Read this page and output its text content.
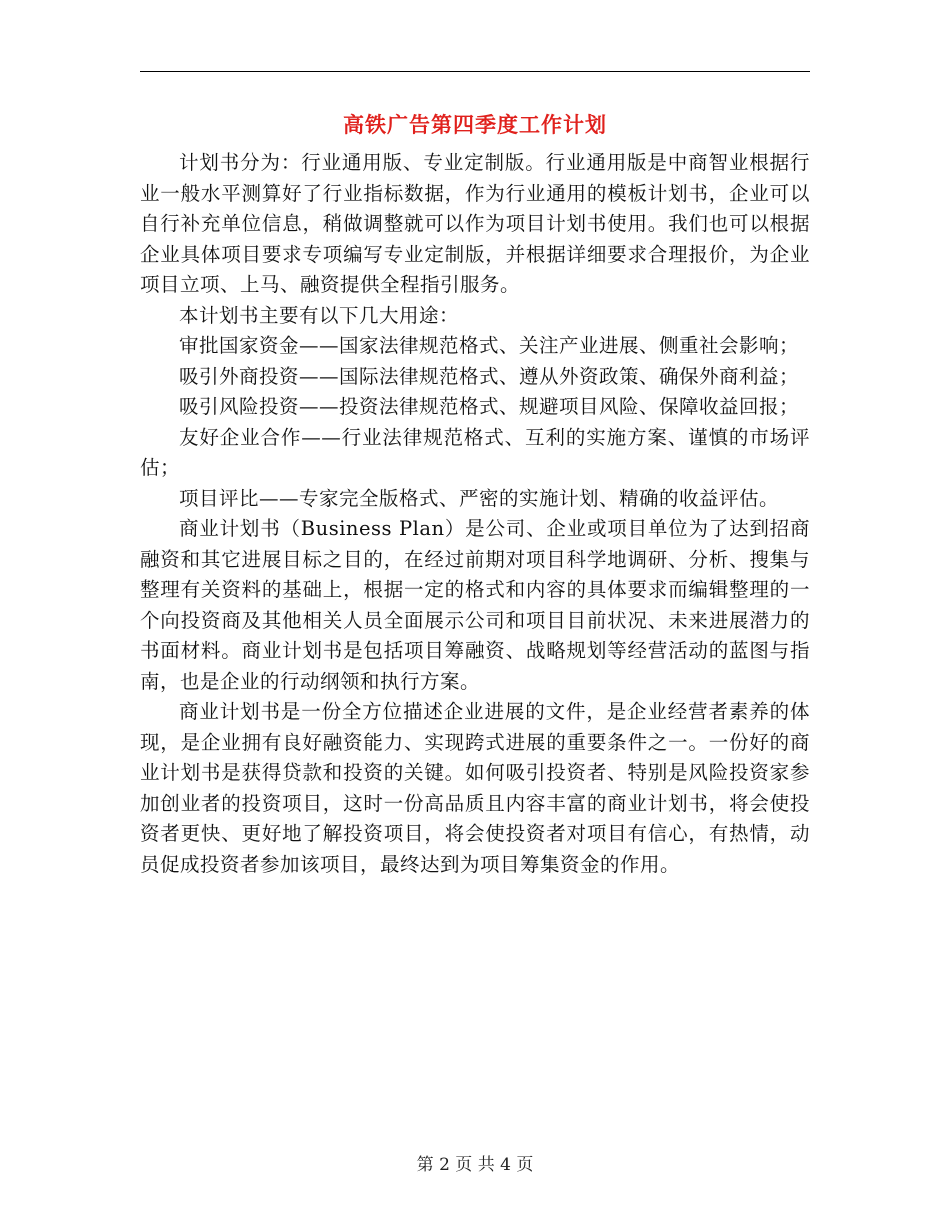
高铁广告第四季度工作计划

计划书分为：行业通用版、专业定制版。行业通用版是中商智业根据行业一般水平测算好了行业指标数据，作为行业通用的模板计划书，企业可以自行补充单位信息，稍做调整就可以作为项目计划书使用。我们也可以根据企业具体项目要求专项编写专业定制版，并根据详细要求合理报价，为企业项目立项、上马、融资提供全程指引服务。

本计划书主要有以下几大用途：

审批国家资金——国家法律规范格式、关注产业进展、侧重社会影响；

吸引外商投资——国际法律规范格式、遵从外资政策、确保外商利益；

吸引风险投资——投资法律规范格式、规避项目风险、保障收益回报；

友好企业合作——行业法律规范格式、互利的实施方案、谨慎的市场评估；

项目评比——专家完全版格式、严密的实施计划、精确的收益评估。

商业计划书（Business Plan）是公司、企业或项目单位为了达到招商融资和其它进展目标之目的，在经过前期对项目科学地调研、分析、搜集与整理有关资料的基础上，根据一定的格式和内容的具体要求而编辑整理的一个向投资商及其他相关人员全面展示公司和项目目前状况、未来进展潜力的书面材料。商业计划书是包括项目筹融资、战略规划等经营活动的蓝图与指南，也是企业的行动纲领和执行方案。

商业计划书是一份全方位描述企业进展的文件，是企业经营者素养的体现，是企业拥有良好融资能力、实现跨式进展的重要条件之一。一份好的商业计划书是获得贷款和投资的关键。如何吸引投资者、特别是风险投资家参加创业者的投资项目，这时一份高品质且内容丰富的商业计划书，将会使投资者更快、更好地了解投资项目，将会使投资者对项目有信心，有热情，动员促成投资者参加该项目，最终达到为项目筹集资金的作用。

第 2 页 共 4 页
